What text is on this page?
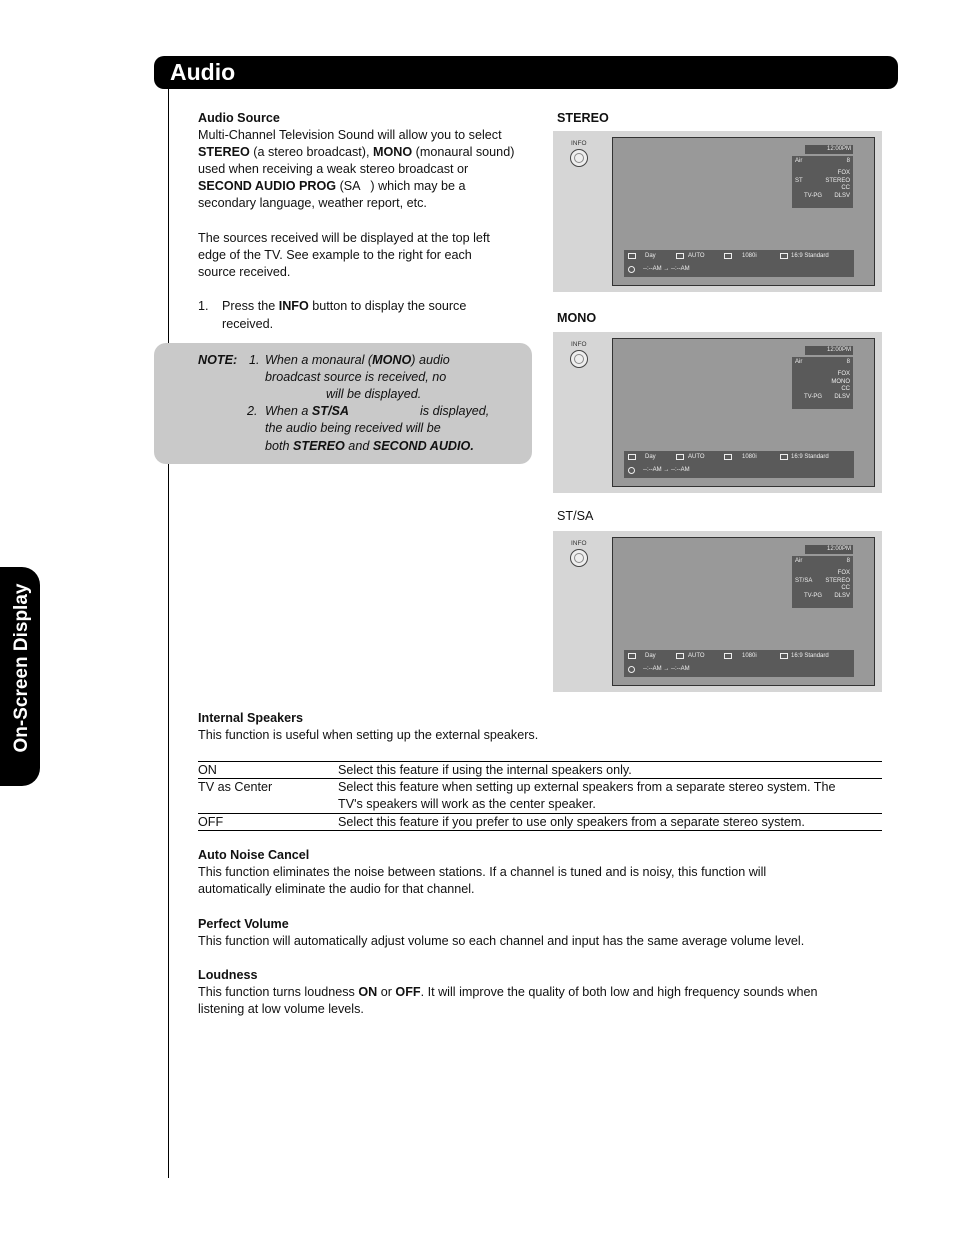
Audio
On-Screen Display
Audio Source
Multi-Channel Television Sound will allow you to select
STEREO (a stereo broadcast), MONO (monaural sound)
used when receiving a weak stereo broadcast or
SECOND AUDIO PROG (SA   ) which may be a
secondary language, weather report, etc.
The sources received will be displayed at the top left
edge of the TV. See example to the right for each
source received.
1. Press the INFO button to display the source
received.
NOTE: 1. When a monaural (MONO) audio
broadcast source is received, no
will be displayed.
2. When a ST/SA	is displayed,
the audio being received will be
both STEREO and SECOND AUDIO.
STEREO
INFO
12:00PM
Air	8
FOX
ST	STEREO
CC
TV-PG DLSV
Day	AUTO	1080i	16:9 Standard
--:--AM → --:--AM
MONO
INFO
12:00PM
Air	8
FOX
MONO
CC
TV-PG DLSV
Day	AUTO	1080i	16:9 Standard
--:--AM → --:--AM
ST/SA
INFO
12:00PM
Air	8
FOX
ST/SA STEREO
CC
TV-PG DLSV
Day	AUTO	1080i	16:9 Standard
--:--AM → --:--AM
Internal Speakers
This function is useful when setting up the external speakers.
ON	Select this feature if using the internal speakers only.
TV as Center	Select this feature when setting up external speakers from a separate stereo system. The
TV's speakers will work as the center speaker.
OFF	Select this feature if you prefer to use only speakers from a separate stereo system.
Auto Noise Cancel
This function eliminates the noise between stations. If a channel is tuned and is noisy, this function will
automatically eliminate the audio for that channel.
Perfect Volume
This function will automatically adjust volume so each channel and input has the same average volume level.
Loudness
This function turns loudness ON or OFF. It will improve the quality of both low and high frequency sounds when
listening at low volume levels.
